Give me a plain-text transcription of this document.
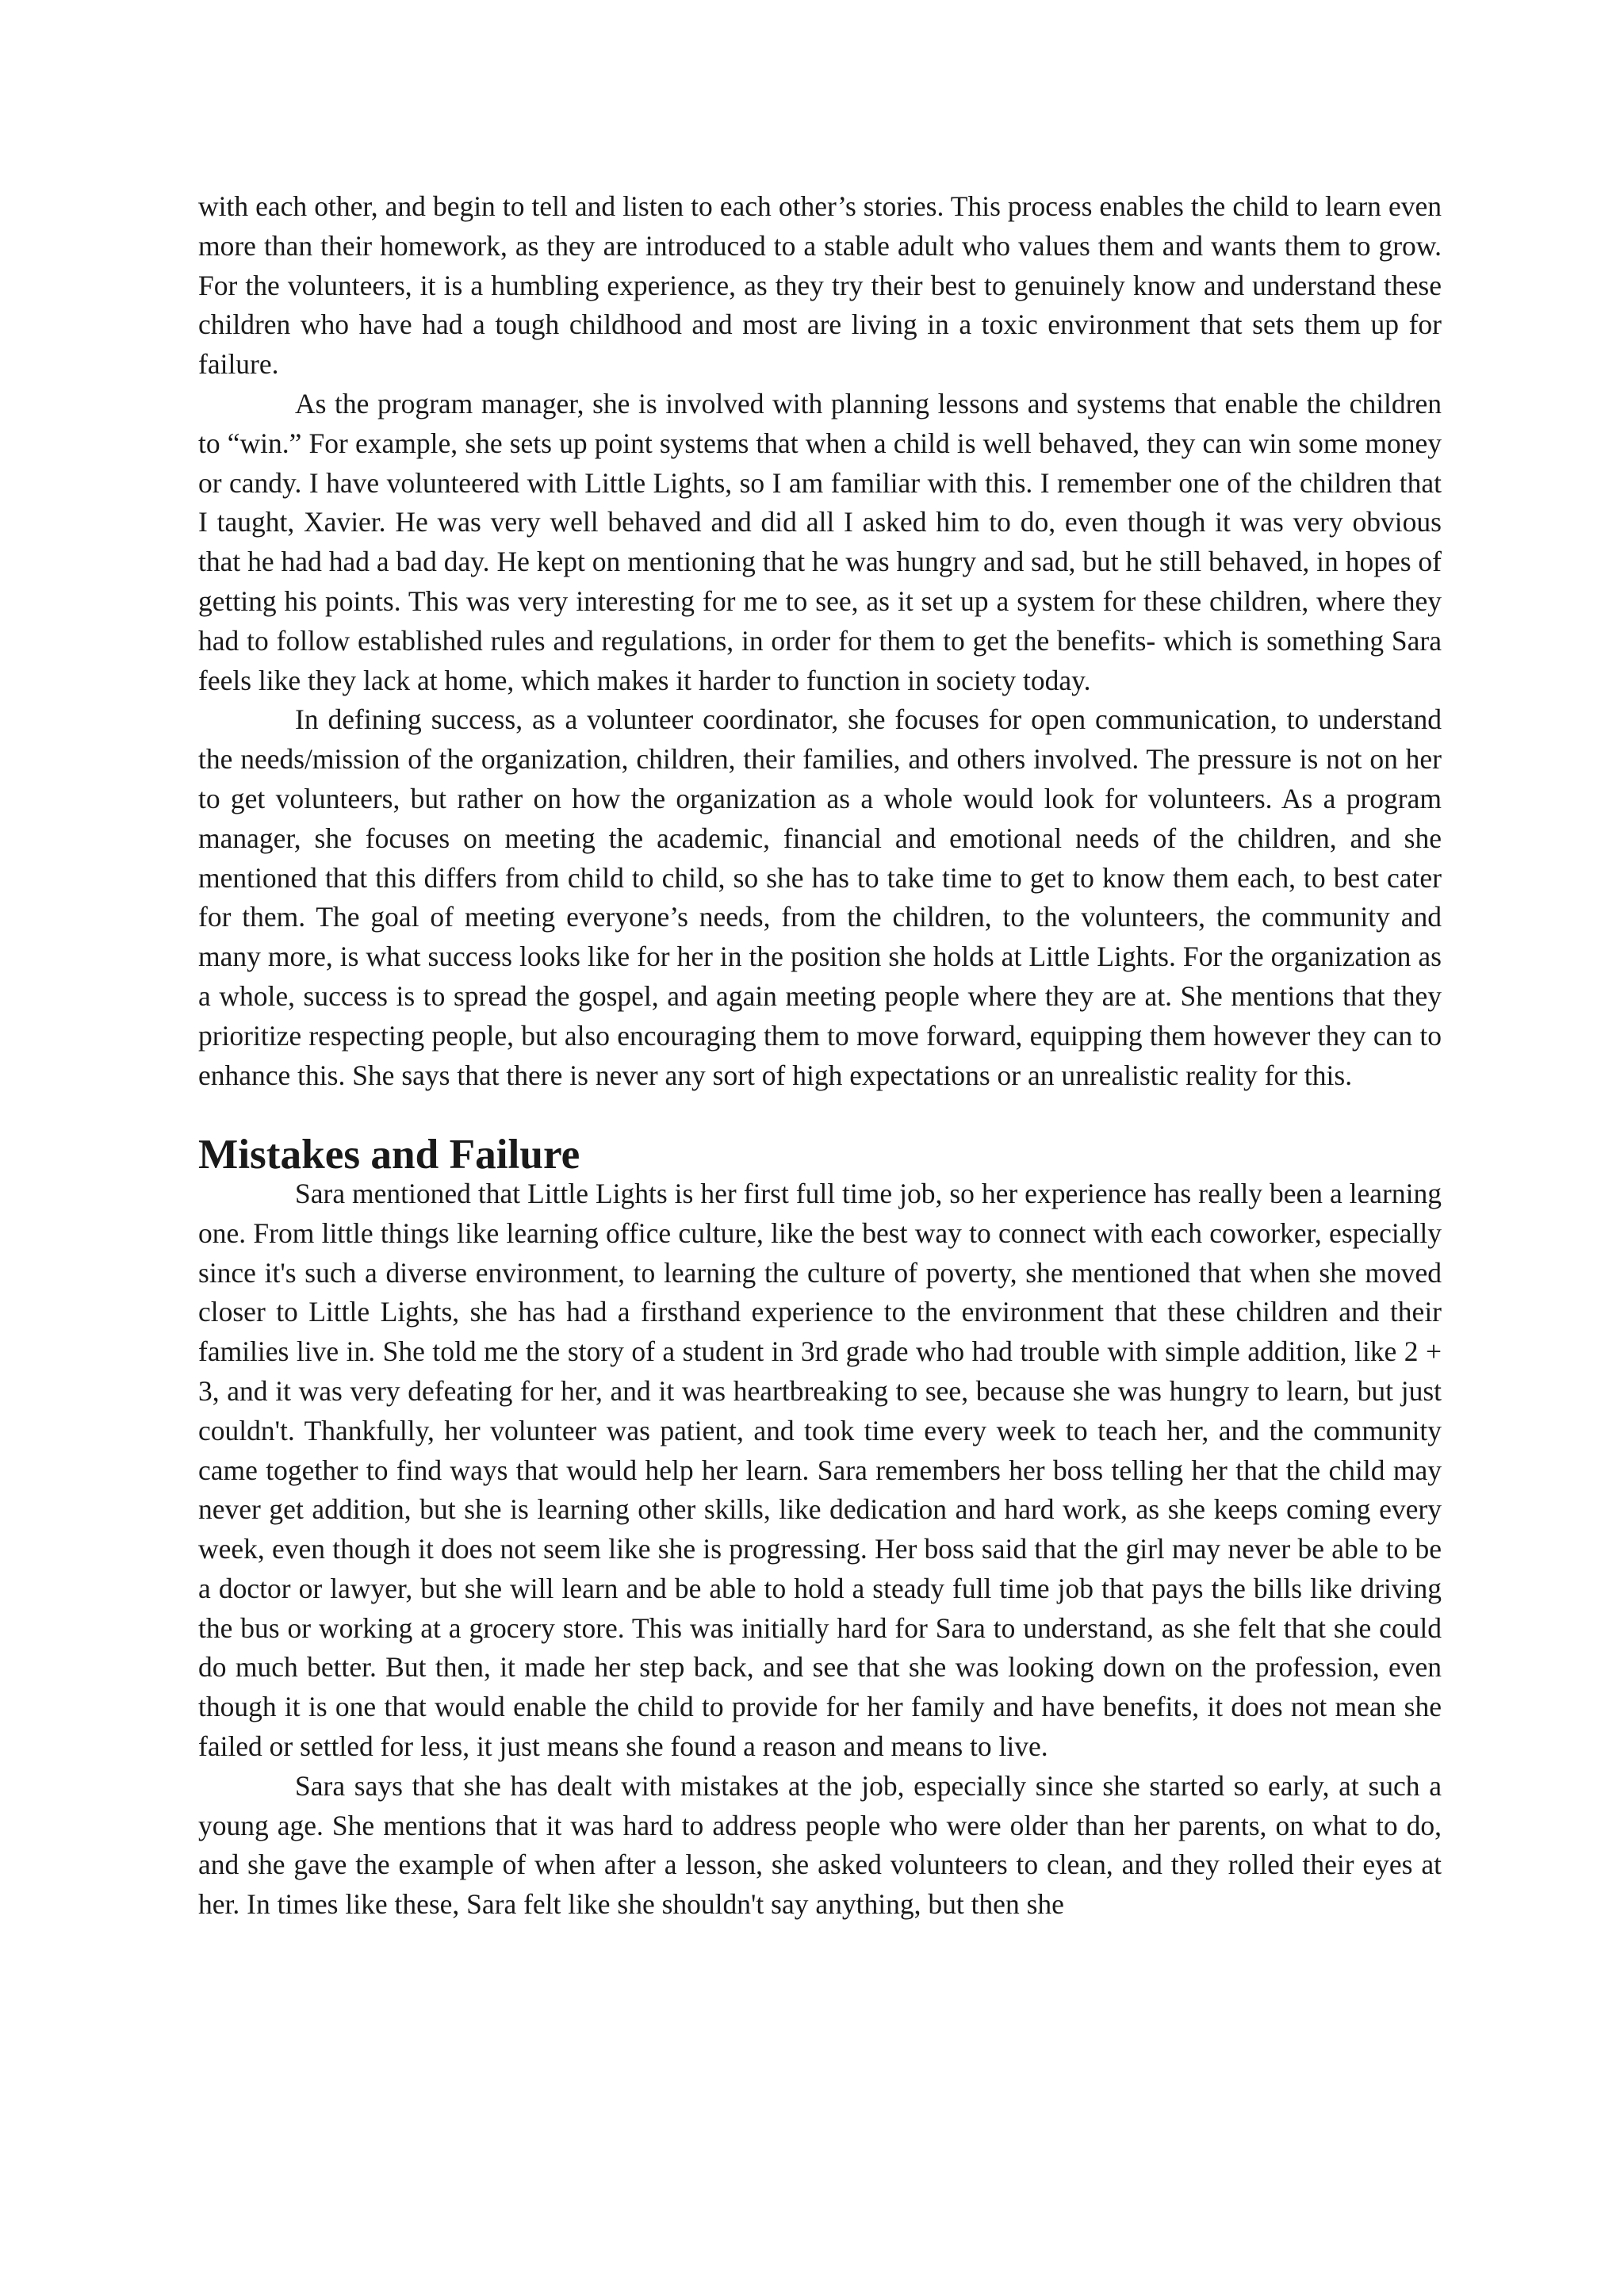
with each other, and begin to tell and listen to each other’s stories. This process enables the child to learn even more than their homework, as they are introduced to a stable adult who values them and wants them to grow. For the volunteers, it is a humbling experience, as they try their best to genuinely know and understand these children who have had a tough childhood and most are living in a toxic environment that sets them up for failure.

As the program manager, she is involved with planning lessons and systems that enable the children to “win.” For example, she sets up point systems that when a child is well behaved, they can win some money or candy. I have volunteered with Little Lights, so I am familiar with this. I remember one of the children that I taught, Xavier. He was very well behaved and did all I asked him to do, even though it was very obvious that he had had a bad day. He kept on mentioning that he was hungry and sad, but he still behaved, in hopes of getting his points. This was very interesting for me to see, as it set up a system for these children, where they had to follow established rules and regulations, in order for them to get the benefits- which is something Sara feels like they lack at home, which makes it harder to function in society today.

In defining success, as a volunteer coordinator, she focuses for open communication, to understand the needs/mission of the organization, children, their families, and others involved. The pressure is not on her to get volunteers, but rather on how the organization as a whole would look for volunteers. As a program manager, she focuses on meeting the academic, financial and emotional needs of the children, and she mentioned that this differs from child to child, so she has to take time to get to know them each, to best cater for them. The goal of meeting everyone’s needs, from the children, to the volunteers, the community and many more, is what success looks like for her in the position she holds at Little Lights. For the organization as a whole, success is to spread the gospel, and again meeting people where they are at. She mentions that they prioritize respecting people, but also encouraging them to move forward, equipping them however they can to enhance this. She says that there is never any sort of high expectations or an unrealistic reality for this.

Mistakes and Failure

Sara mentioned that Little Lights is her first full time job, so her experience has really been a learning one. From little things like learning office culture, like the best way to connect with each coworker, especially since it's such a diverse environment, to learning the culture of poverty, she mentioned that when she moved closer to Little Lights, she has had a firsthand experience to the environment that these children and their families live in. She told me the story of a student in 3rd grade who had trouble with simple addition, like 2 + 3, and it was very defeating for her, and it was heartbreaking to see, because she was hungry to learn, but just couldn't. Thankfully, her volunteer was patient, and took time every week to teach her, and the community came together to find ways that would help her learn. Sara remembers her boss telling her that the child may never get addition, but she is learning other skills, like dedication and hard work, as she keeps coming every week, even though it does not seem like she is progressing. Her boss said that the girl may never be able to be a doctor or lawyer, but she will learn and be able to hold a steady full time job that pays the bills like driving the bus or working at a grocery store. This was initially hard for Sara to understand, as she felt that she could do much better. But then, it made her step back, and see that she was looking down on the profession, even though it is one that would enable the child to provide for her family and have benefits, it does not mean she failed or settled for less, it just means she found a reason and means to live.

Sara says that she has dealt with mistakes at the job, especially since she started so early, at such a young age. She mentions that it was hard to address people who were older than her parents, on what to do, and she gave the example of when after a lesson, she asked volunteers to clean, and they rolled their eyes at her. In times like these, Sara felt like she shouldn't say anything, but then she
